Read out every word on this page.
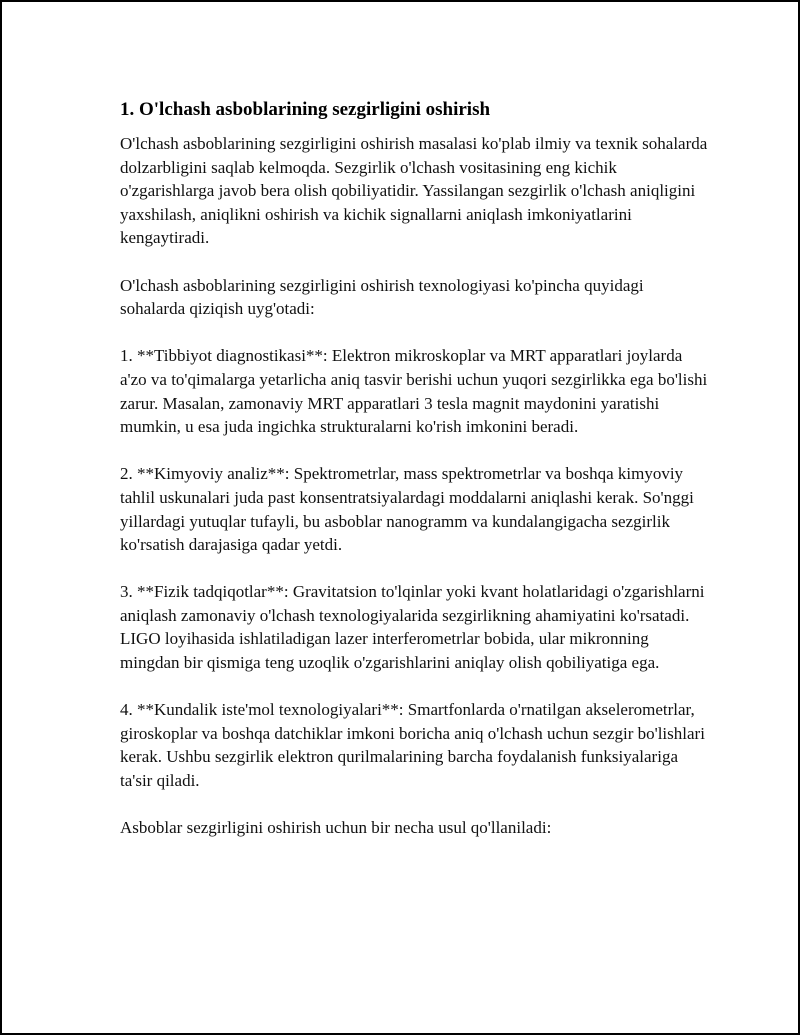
1. O'lchash asboblarining sezgirligini oshirish

O'lchash asboblarining sezgirligini oshirish masalasi ko'plab ilmiy va texnik sohalarda dolzarbligini saqlab kelmoqda. Sezgirlik o'lchash vositasining eng kichik o'zgarishlarga javob bera olish qobiliyatidir. Yassilangan sezgirlik o'lchash aniqligini yaxshilash, aniqlikni oshirish va kichik signallarni aniqlash imkoniyatlarini kengaytiradi.

O'lchash asboblarining sezgirligini oshirish texnologiyasi ko'pincha quyidagi sohalarda qiziqish uyg'otadi:

1. **Tibbiyot diagnostikasi**: Elektron mikroskoplar va MRT apparatlari joylarda a'zo va to'qimalarga yetarlicha aniq tasvir berishi uchun yuqori sezgirlikka ega bo'lishi zarur. Masalan, zamonaviy MRT apparatlari 3 tesla magnit maydonini yaratishi mumkin, u esa juda ingichka strukturalarni ko'rish imkonini beradi.

2. **Kimyoviy analiz**: Spektrometrlar, mass spektrometrlar va boshqa kimyoviy tahlil uskunalari juda past konsentratsiyalardagi moddalarni aniqlashi kerak. So'nggi yillardagi yutuqlar tufayli, bu asboblar nanogramm va kundalangigacha sezgirlik ko'rsatish darajasiga qadar yetdi.

3. **Fizik tadqiqotlar**: Gravitatsion to'lqinlar yoki kvant holatlaridagi o'zgarishlarni aniqlash zamonaviy o'lchash texnologiyalarida sezgirlikning ahamiyatini ko'rsatadi. LIGO loyihasida ishlatiladigan lazer interferometrlar bobida, ular mikronning mingdan bir qismiga teng uzoqlik o'zgarishlarini aniqlay olish qobiliyatiga ega.

4. **Kundalik iste'mol texnologiyalari**: Smartfonlarda o'rnatilgan akselerometrlar, giroskoplar va boshqa datchiklar imkoni boricha aniq o'lchash uchun sezgir bo'lishlari kerak. Ushbu sezgirlik elektron qurilmalarining barcha foydalanish funksiyalariga ta'sir qiladi.

Asboblar sezgirligini oshirish uchun bir necha usul qo'llaniladi:
